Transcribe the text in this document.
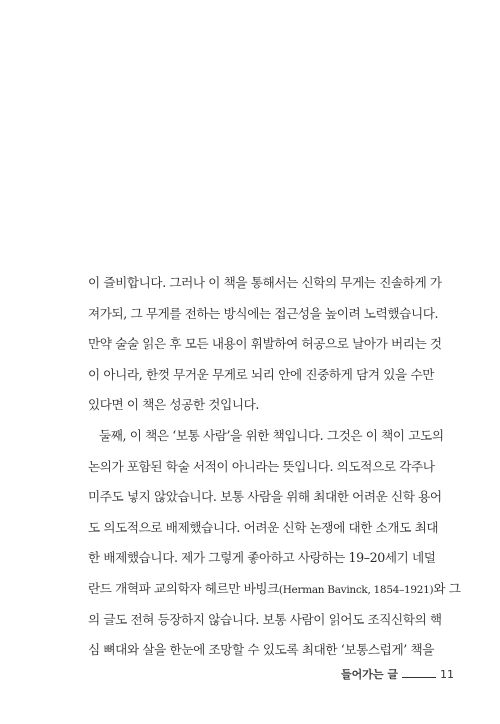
이 즐비합니다. 그러나 이 책을 통해서는 신학의 무게는 진솔하게 가
져가되, 그 무게를 전하는 방식에는 접근성을 높이려 노력했습니다.
만약 술술 읽은 후 모든 내용이 휘발하여 허공으로 날아가 버리는 것
이 아니라, 한껏 무거운 무게로 뇌리 안에 진중하게 담겨 있을 수만
있다면 이 책은 성공한 것입니다.
둘째, 이 책은 ‘보통 사람’을 위한 책입니다. 그것은 이 책이 고도의
논의가 포함된 학술 서적이 아니라는 뜻입니다. 의도적으로 각주나
미주도 넣지 않았습니다. 보통 사람을 위해 최대한 어려운 신학 용어
도 의도적으로 배제했습니다. 어려운 신학 논쟁에 대한 소개도 최대
한 배제했습니다. 제가 그렇게 좋아하고 사랑하는 19–20세기 네덜
란드 개혁파 교의학자 헤르만 바빙크(Herman Bavinck, 1854–1921)와 그
의 글도 전혀 등장하지 않습니다. 보통 사람이 읽어도 조직신학의 핵
심 뼈대와 살을 한눈에 조망할 수 있도록 최대한 ‘보통스럽게’ 책을
들어가는 글	11
